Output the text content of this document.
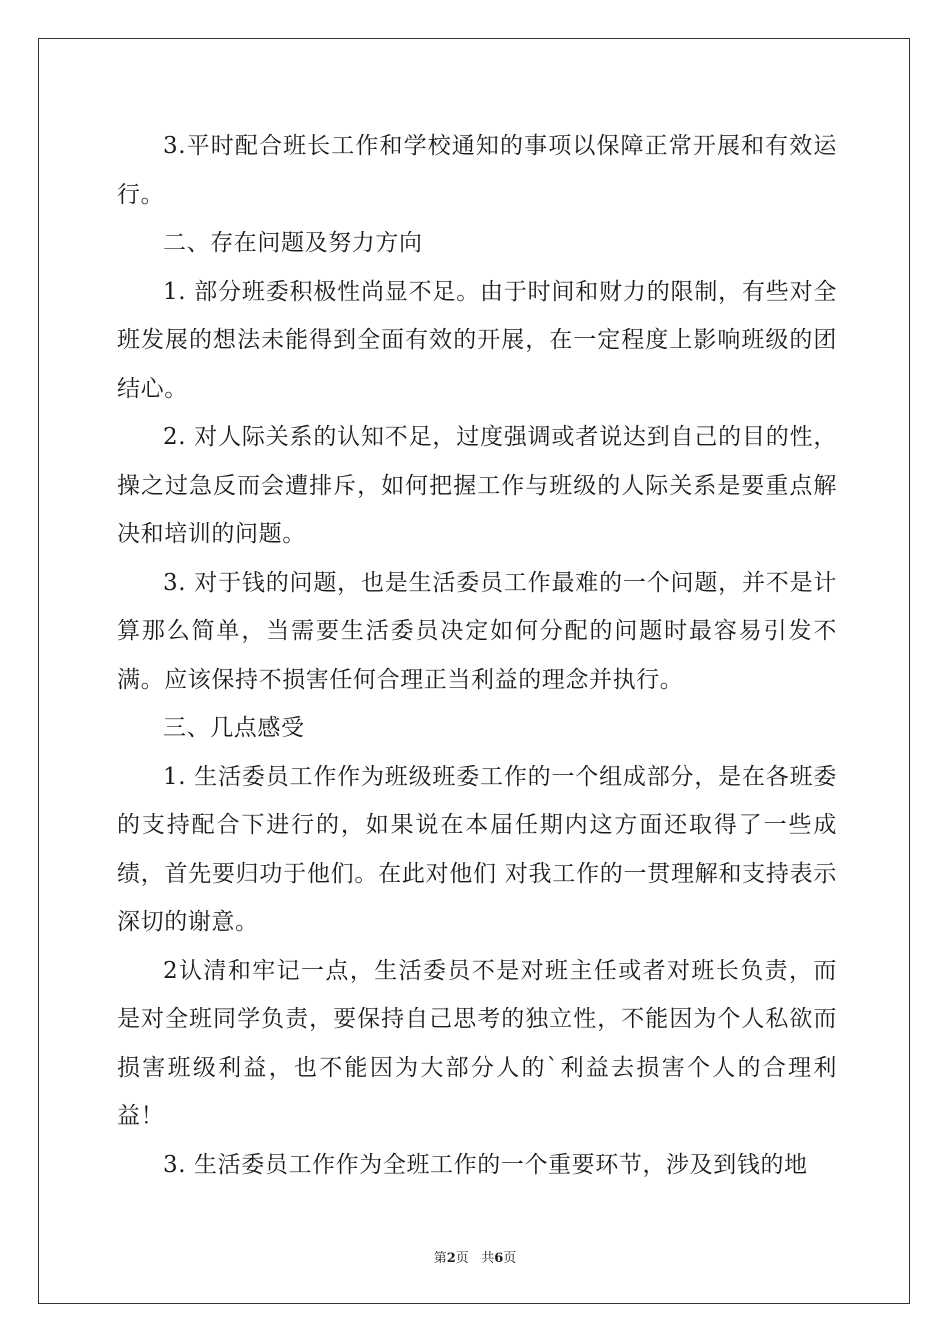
3.平时配合班长工作和学校通知的事项以保障正常开展和有效运行。

二、存在问题及努力方向

1. 部分班委积极性尚显不足。由于时间和财力的限制，有些对全班发展的想法未能得到全面有效的开展，在一定程度上影响班级的团结心。

2. 对人际关系的认知不足，过度强调或者说达到自己的目的性，操之过急反而会遭排斥，如何把握工作与班级的人际关系是要重点解决和培训的问题。

3. 对于钱的问题，也是生活委员工作最难的一个问题，并不是计算那么简单，当需要生活委员决定如何分配的问题时最容易引发不满。应该保持不损害任何合理正当利益的理念并执行。

三、几点感受

1. 生活委员工作作为班级班委工作的一个组成部分，是在各班委的支持配合下进行的，如果说在本届任期内这方面还取得了一些成绩，首先要归功于他们。在此对他们 对我工作的一贯理解和支持表示深切的谢意。

2认清和牢记一点，生活委员不是对班主任或者对班长负责，而是对全班同学负责，要保持自己思考的独立性，不能因为个人私欲而损害班级利益，也不能因为大部分人的`利益去损害个人的合理利益！

3. 生活委员工作作为全班工作的一个重要环节，涉及到钱的地

第2页 共6页
